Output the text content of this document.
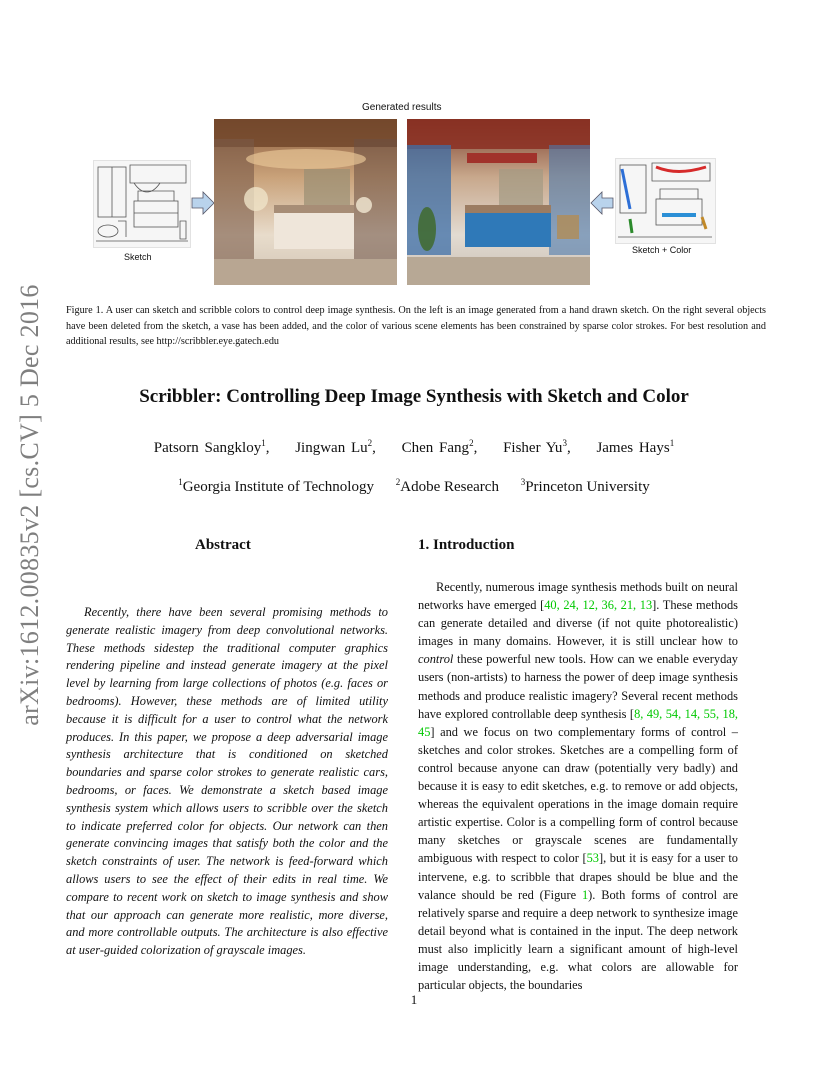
arXiv:1612.00835v2 [cs.CV] 5 Dec 2016
Generated results
Sketch
Sketch + Color
Figure 1. A user can sketch and scribble colors to control deep image synthesis. On the left is an image generated from a hand drawn sketch. On the right several objects have been deleted from the sketch, a vase has been added, and the color of various scene elements has been constrained by sparse color strokes. For best resolution and additional results, see http://scribbler.eye.gatech.edu
Scribbler: Controlling Deep Image Synthesis with Sketch and Color
Patsorn Sangkloy$^1$, Jingwan Lu$^2$, Chen Fang$^2$, Fisher Yu$^3$, James Hays$^1$
$^1$Georgia Institute of Technology $^2$Adobe Research $^3$Princeton University
Abstract	1. Introduction
Recently, there have been several promising methods to generate realistic imagery from deep convolutional networks. These methods sidestep the traditional computer graphics rendering pipeline and instead generate imagery at the pixel level by learning from large collections of photos (e.g. faces or bedrooms). However, these methods are of limited utility because it is difficult for a user to control what the network produces. In this paper, we propose a deep adversarial image synthesis architecture that is conditioned on sketched boundaries and sparse color strokes to generate realistic cars, bedrooms, or faces. We demonstrate a sketch based image synthesis system which allows users to scribble over the sketch to indicate preferred color for objects. Our network can then generate convincing images that satisfy both the color and the sketch constraints of user. The network is feed-forward which allows users to see the effect of their edits in real time. We compare to recent work on sketch to image synthesis and show that our approach can generate more realistic, more diverse, and more controllable outputs. The architecture is also effective at user-guided colorization of grayscale images.
Recently, numerous image synthesis methods built on neural networks have emerged [40, 24, 12, 36, 21, 13]. These methods can generate detailed and diverse (if not quite photorealistic) images in many domains. However, it is still unclear how to control these powerful new tools. How can we enable everyday users (non-artists) to harness the power of deep image synthesis methods and produce realistic imagery? Several recent methods have explored controllable deep synthesis [8, 49, 54, 14, 55, 18, 45] and we focus on two complementary forms of control – sketches and color strokes. Sketches are a compelling form of control because anyone can draw (potentially very badly) and because it is easy to edit sketches, e.g. to remove or add objects, whereas the equivalent operations in the image domain require artistic expertise. Color is a compelling form of control because many sketches or grayscale scenes are fundamentally ambiguous with respect to color [53], but it is easy for a user to intervene, e.g. to scribble that drapes should be blue and the valance should be red (Figure 1). Both forms of control are relatively sparse and require a deep network to synthesize image detail beyond what is contained in the input. The deep network must also implicitly learn a significant amount of high-level image understanding, e.g. what colors are allowable for particular objects, the boundaries
1
